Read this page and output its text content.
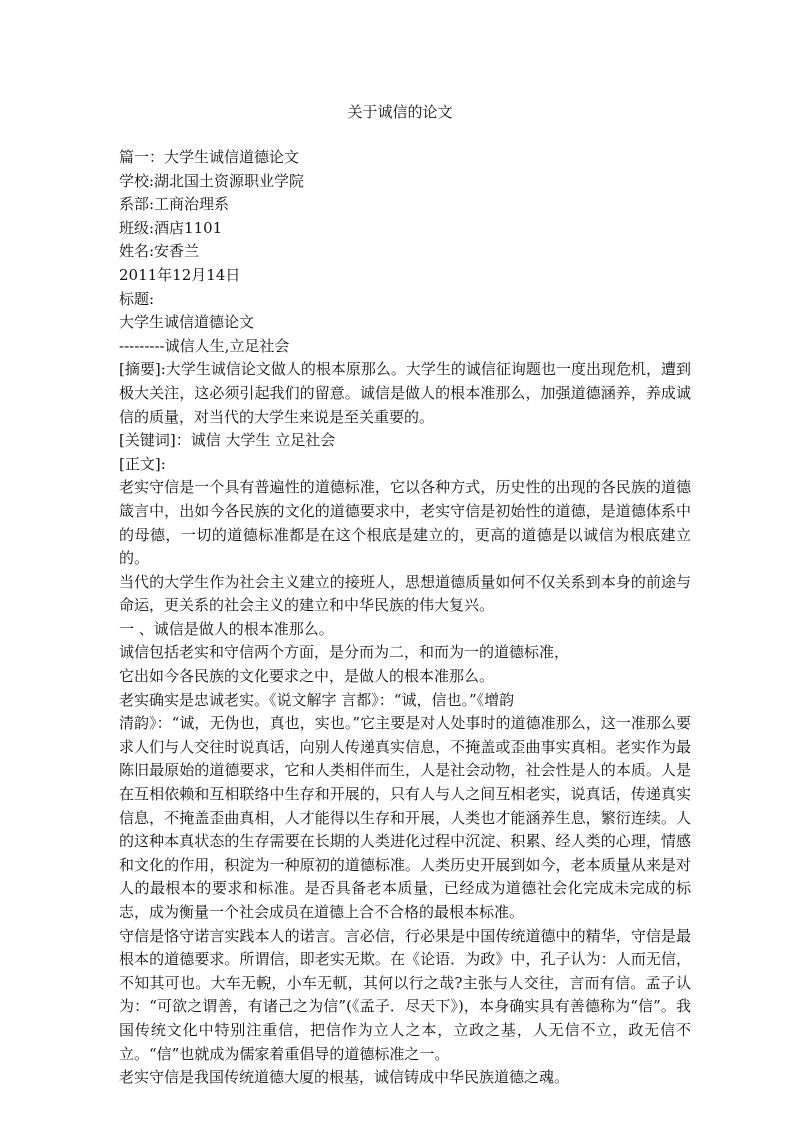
关于诚信的论文
篇一：大学生诚信道德论文
学校:湖北国土资源职业学院
系部:工商治理系
班级:酒店1101
姓名:安香兰
2011年12月14日
标题:
大学生诚信道德论文
---------诚信人生,立足社会
[摘要]:大学生诚信论文做人的根本原那么。大学生的诚信征询题也一度出现危机，遭到极大关注，这必须引起我们的留意。诚信是做人的根本准那么，加强道德涵养，养成诚信的质量，对当代的大学生来说是至关重要的。
[关键词]：诚信 大学生 立足社会
[正文]:
老实守信是一个具有普遍性的道德标准，它以各种方式，历史性的出现的各民族的道德箴言中，出如今各民族的文化的道德要求中，老实守信是初始性的道德，是道德体系中的母德，一切的道德标准都是在这个根底是建立的，更高的道德是以诚信为根底建立的。
当代的大学生作为社会主义建立的接班人，思想道德质量如何不仅关系到本身的前途与命运，更关系的社会主义的建立和中华民族的伟大复兴。
一 、诚信是做人的根本准那么。
诚信包括老实和守信两个方面，是分而为二，和而为一的道德标准，
它出如今各民族的文化要求之中，是做人的根本准那么。
老实确实是忠诚老实。《说文解字 言都》：“诚，信也。”《增韵
清韵》：“诚，无伪也，真也，实也。”它主要是对人处事时的道德准那么，这一准那么要求人们与人交往时说真话，向别人传递真实信息，不掩盖或歪曲事实真相。老实作为最陈旧最原始的道德要求，它和人类相伴而生，人是社会动物，社会性是人的本质。人是在互相依赖和互相联络中生存和开展的，只有人与人之间互相老实，说真话，传递真实信息，不掩盖歪曲真相，人才能得以生存和开展，人类也才能涵养生息，繁衍连续。人的这种本真状态的生存需要在长期的人类进化过程中沉淀、积累、经人类的心理，情感和文化的作用，积淀为一种原初的道德标准。人类历史开展到如今，老本质量从来是对人的最根本的要求和标准。是否具备老本质量，已经成为道德社会化完成未完成的标志，成为衡量一个社会成员在道德上合不合格的最根本标准。
守信是恪守诺言实践本人的诺言。言必信，行必果是中国传统道德中的精华，守信是最根本的道德要求。所谓信，即老实无欺。在《论语．为政》中，孔子认为：人而无信，不知其可也。大车无輗，小车无軏，其何以行之哉?主张与人交往，言而有信。孟子认为：“可欲之谓善，有诸己之为信”(《孟子．尽天下》)，本身确实具有善德称为“信”。我国传统文化中特别注重信，把信作为立人之本，立政之基，人无信不立，政无信不立。“信”也就成为儒家着重倡导的道德标准之一。
老实守信是我国传统道德大厦的根基，诚信铸成中华民族道德之魂。
